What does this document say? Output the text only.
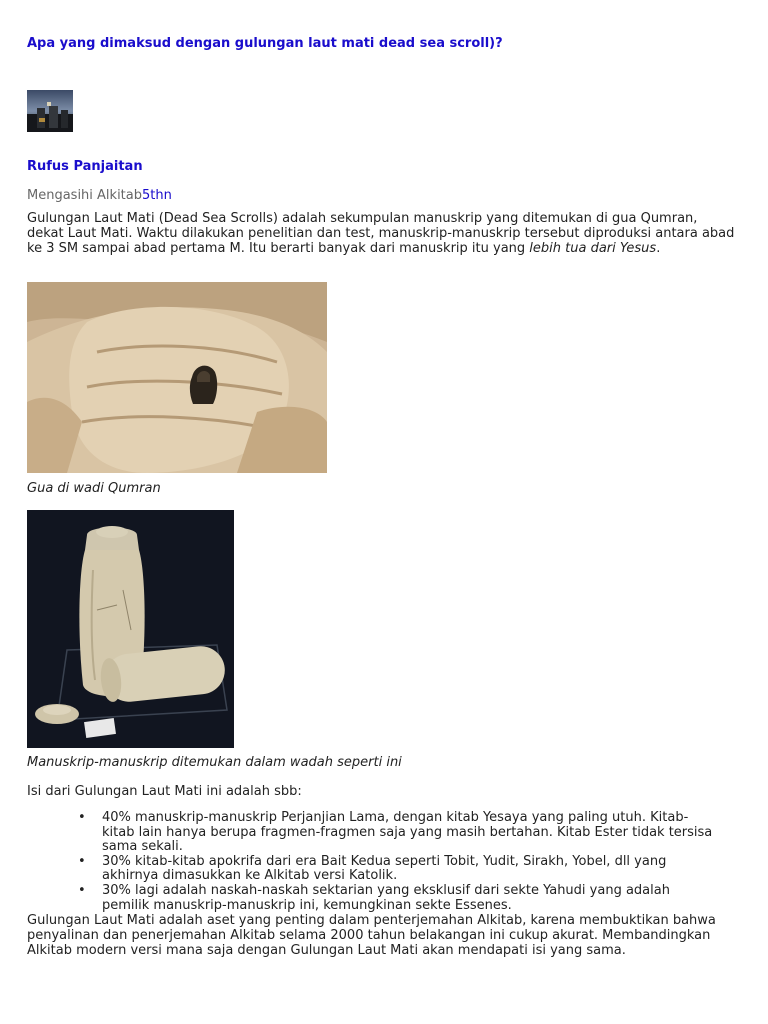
Apa yang dimaksud dengan gulungan laut mati dead sea scroll)?
Rufus Panjaitan
Mengasihi Alkitab5thn

Gulungan Laut Mati (Dead Sea Scrolls) adalah sekumpulan manuskrip yang ditemukan di gua Qumran, dekat Laut Mati. Waktu dilakukan penelitian dan test, manuskrip-manuskrip tersebut diproduksi antara abad ke 3 SM sampai abad pertama M. Itu berarti banyak dari manuskrip itu yang lebih tua dari Yesus.

Gua di wadi Qumran
Manuskrip-manuskrip ditemukan dalam wadah seperti ini

Isi dari Gulungan Laut Mati ini adalah sbb:

• 40% manuskrip-manuskrip Perjanjian Lama, dengan kitab Yesaya yang paling utuh. Kitab-kitab lain hanya berupa fragmen-fragmen saja yang masih bertahan. Kitab Ester tidak tersisa sama sekali.
• 30% kitab-kitab apokrifa dari era Bait Kedua seperti Tobit, Yudit, Sirakh, Yobel, dll yang akhirnya dimasukkan ke Alkitab versi Katolik.
• 30% lagi adalah naskah-naskah sektarian yang eksklusif dari sekte Yahudi yang adalah pemilik manuskrip-manuskrip ini, kemungkinan sekte Essenes.

Gulungan Laut Mati adalah aset yang penting dalam penterjemahan Alkitab, karena membuktikan bahwa penyalinan dan penerjemahan Alkitab selama 2000 tahun belakangan ini cukup akurat. Membandingkan Alkitab modern versi mana saja dengan Gulungan Laut Mati akan mendapati isi yang sama.
